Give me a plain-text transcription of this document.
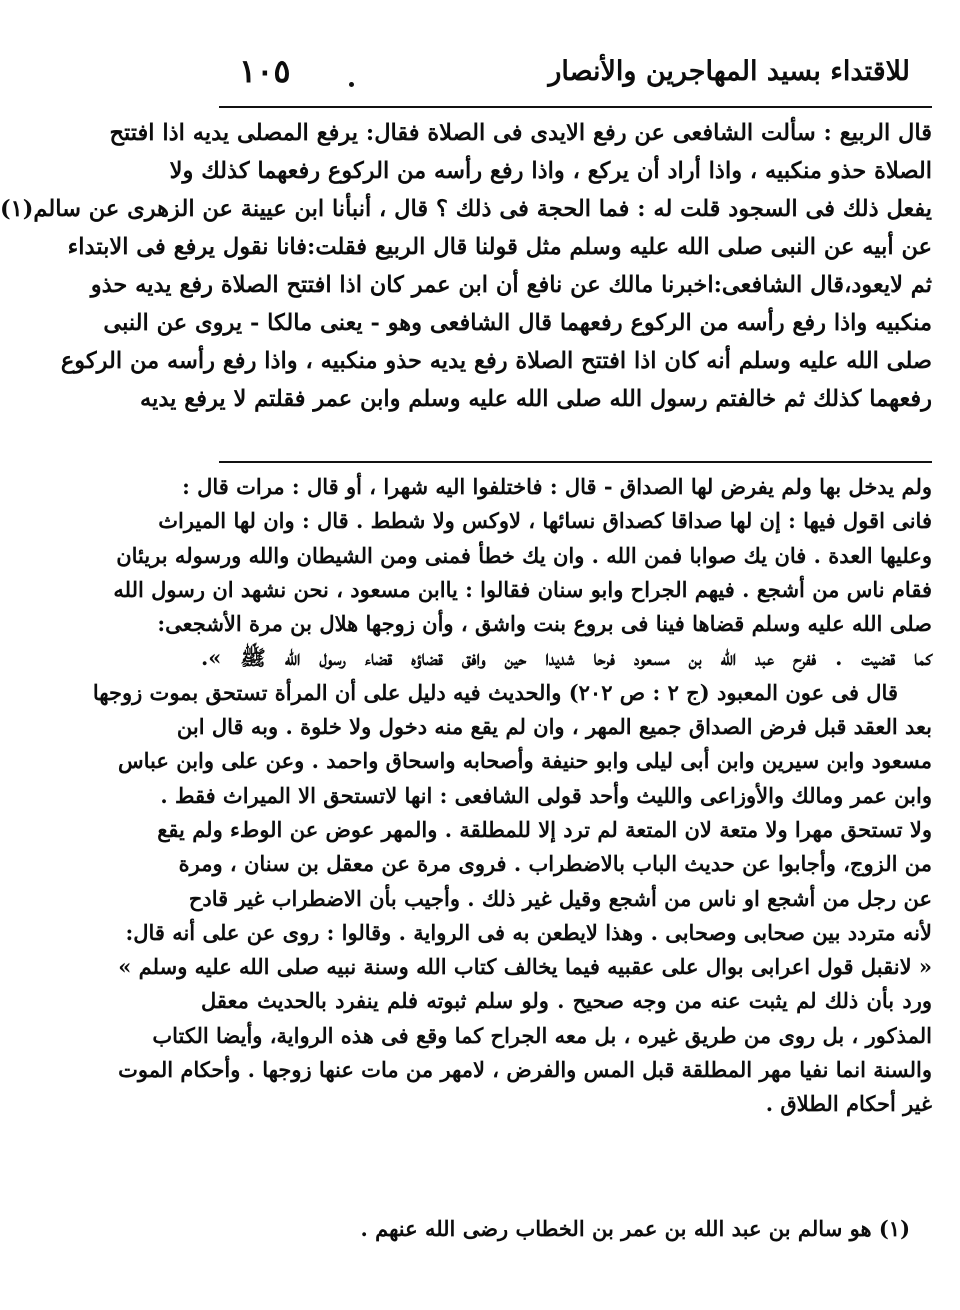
للاقتداء بسيد المهاجرين والأنصار
١٠٥
قال الربيع : سألت الشافعى عن رفع الايدى فى الصلاة فقال: يرفع المصلى يديه اذا افتتح
الصلاة حذو منكبيه ، واذا أراد أن يركع ، واذا رفع رأسه من الركوع رفعهما كذلك ولا
يفعل ذلك فى السجود قلت له : فما الحجة فى ذلك ؟ قال ، أنبأنا ابن عيينة عن الزهرى عن سالم(١)
عن أبيه عن النبى صلى الله عليه وسلم مثل قولنا قال الربيع فقلت:فانا نقول يرفع فى الابتداء
ثم لايعود،قال الشافعى:اخبرنا مالك عن نافع أن ابن عمر كان اذا افتتح الصلاة رفع يديه حذو
منكبيه واذا رفع رأسه من الركوع رفعهما قال الشافعى وهو - يعنى مالكا - يروى عن النبى
صلى الله عليه وسلم أنه كان اذا افتتح الصلاة رفع يديه حذو منكبيه ، واذا رفع رأسه من الركوع
رفعهما كذلك ثم خالفتم رسول الله صلى الله عليه وسلم وابن عمر فقلتم لا يرفع يديه
ولم يدخل بها ولم يفرض لها الصداق - قال : فاختلفوا اليه شهرا ، أو قال : مرات قال :
فانى اقول فيها : إن لها صداقا كصداق نسائها ، لاوكس ولا شطط . قال : وان لها الميراث
وعليها العدة . فان يك صوابا فمن الله . وان يك خطأ فمنى ومن الشيطان والله ورسوله بريئان
فقام ناس من أشجع . فيهم الجراح وابو سنان فقالوا : ياابن مسعود ، نحن نشهد ان رسول الله
صلى الله عليه وسلم قضاها فينا فى بروع بنت واشق ، وأن زوجها هلال بن مرة الأشجعى:
كما قضيت . ففرح عبد الله بن مسعود فرحا شديدا حين وافق قضاؤه قضاء رسول الله ﷺ ».
قال فى عون المعبود (ج ٢ : ص ٢٠٢) والحديث فيه دليل على أن المرأة تستحق بموت زوجها
بعد العقد قبل فرض الصداق جميع المهر ، وان لم يقع منه دخول ولا خلوة . وبه قال ابن
مسعود وابن سيرين وابن أبى ليلى وابو حنيفة وأصحابه واسحاق واحمد . وعن على وابن عباس
وابن عمر ومالك والأوزاعى والليث وأحد قولى الشافعى : انها لاتستحق الا الميراث فقط .
ولا تستحق مهرا ولا متعة لان المتعة لم ترد إلا للمطلقة . والمهر عوض عن الوطء ولم يقع
من الزوج، وأجابوا عن حديث الباب بالاضطراب . فروى مرة عن معقل بن سنان ، ومرة
عن رجل من أشجع او ناس من أشجع وقيل غير ذلك . وأجيب بأن الاضطراب غير قادح
لأنه متردد بين صحابى وصحابى . وهذا لايطعن به فى الرواية . وقالوا : روى عن على أنه قال:
« لانقبل قول اعرابى بوال على عقبيه فيما يخالف كتاب الله وسنة نبيه صلى الله عليه وسلم »
ورد بأن ذلك لم يثبت عنه من وجه صحيح . ولو سلم ثبوته فلم ينفرد بالحديث معقل
المذكور ، بل روى من طريق غيره ، بل معه الجراح كما وقع فى هذه الرواية، وأيضا الكتاب
والسنة انما نفيا مهر المطلقة قبل المس والفرض ، لامهر من مات عنها زوجها . وأحكام الموت
غير أحكام الطلاق .
(١) هو سالم بن عبد الله بن عمر بن الخطاب رضى الله عنهم .
